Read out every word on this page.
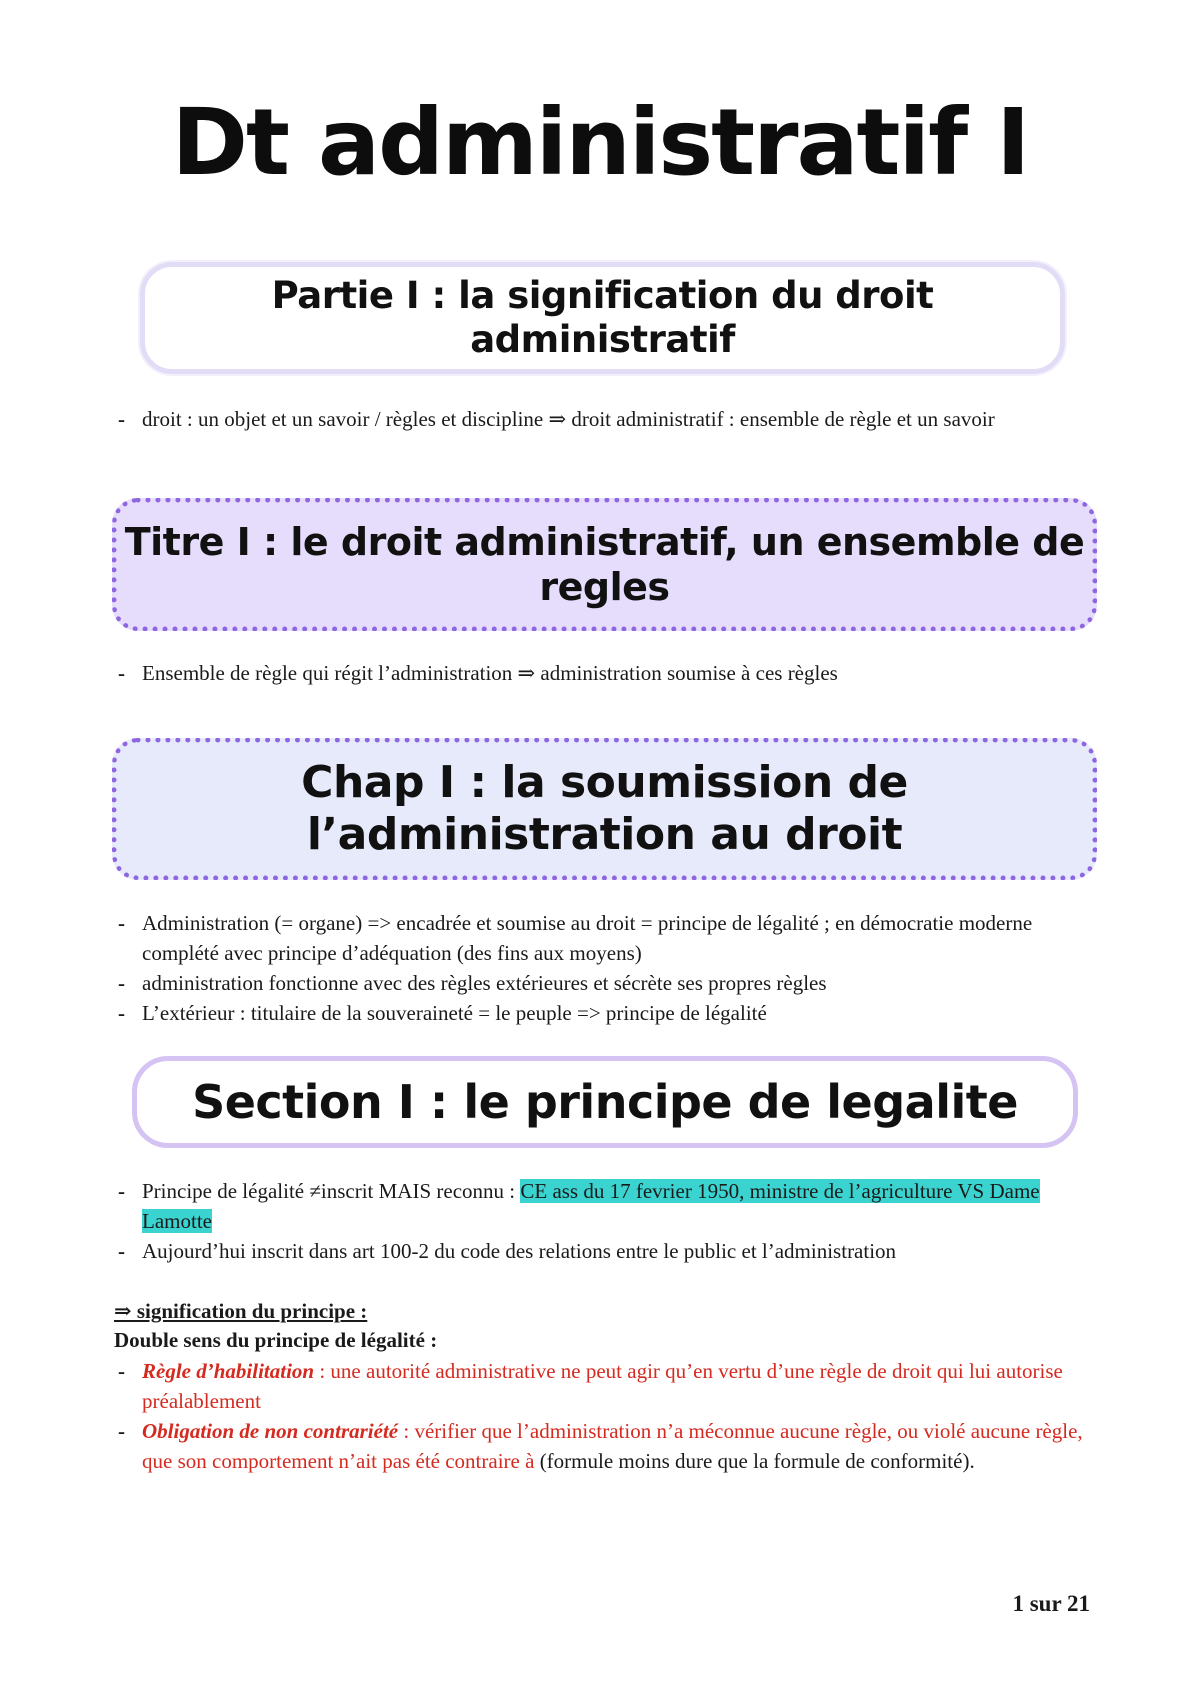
Dt administratif I
Partie I : la signification du droit administratif
- droit : un objet et un savoir / règles et discipline ⇒ droit administratif : ensemble de règle et un savoir
Titre I : le droit administratif, un ensemble de regles
- Ensemble de règle qui régit l’administration ⇒ administration soumise à ces règles
Chap I : la soumission de l’administration au droit
- Administration (= organe) => encadrée et soumise au droit = principe de légalité ; en démocratie moderne complété avec principe d’adéquation (des fins aux moyens)
- administration fonctionne avec des règles extérieures et sécrète ses propres règles
- L’extérieur : titulaire de la souveraineté = le peuple => principe de légalité
Section I : le principe de legalite
- Principe de légalité ≠inscrit MAIS reconnu : CE ass du 17 fevrier 1950, ministre de l’agriculture VS Dame Lamotte
- Aujourd’hui inscrit dans art 100-2 du code des relations entre le public et l’administration
⇒ signification du principe :
Double sens du principe de légalité :
- Règle d’habilitation : une autorité administrative ne peut agir qu’en vertu d’une règle de droit qui lui autorise préalablement
- Obligation de non contrariété : vérifier que l’administration n’a méconnue aucune règle, ou violé aucune règle, que son comportement n’ait pas été contraire à (formule moins dure que la formule de conformité).
1 sur 21
